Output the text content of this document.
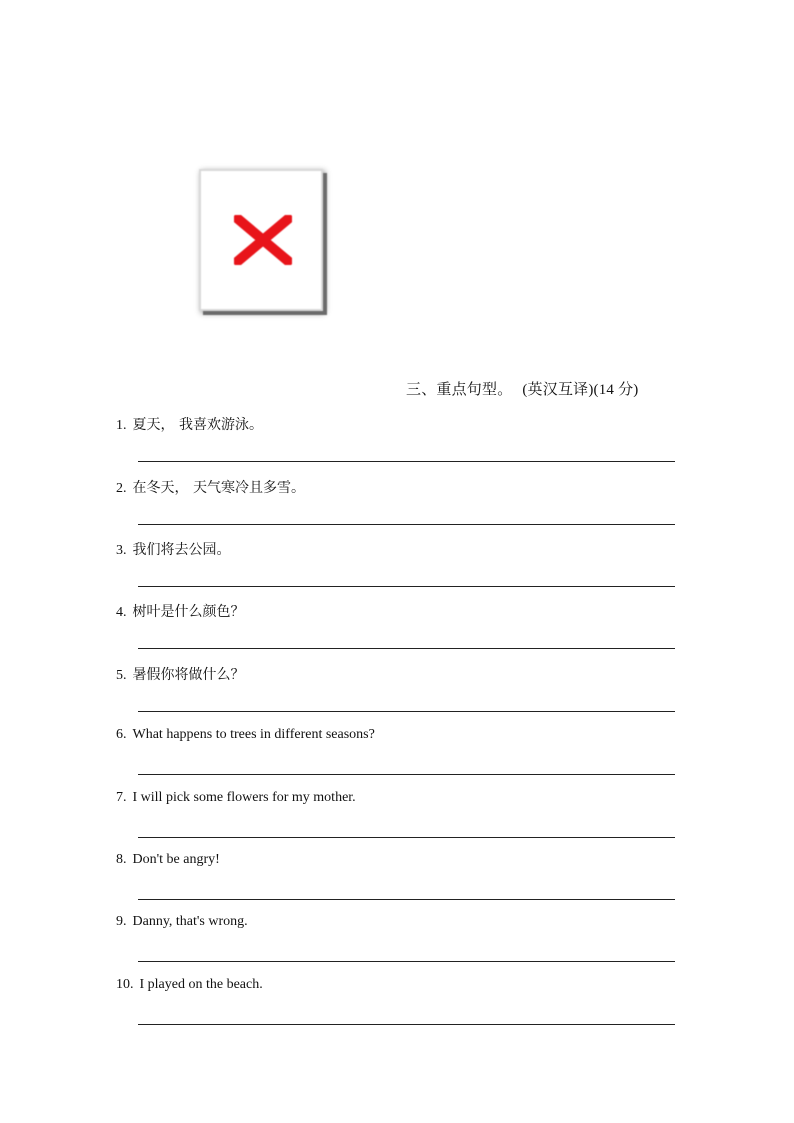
三、重点句型。 (英汉互译)(14 分)
1. 夏天， 我喜欢游泳。
2. 在冬天， 天气寒冷且多雪。
3. 我们将去公园。
4. 树叶是什么颜色？
5. 暑假你将做什么？
6. What happens to trees in different seasons?
7. I will pick some flowers for my mother.
8. Don't be angry!
9. Danny, that's wrong.
10. I played on the beach.
